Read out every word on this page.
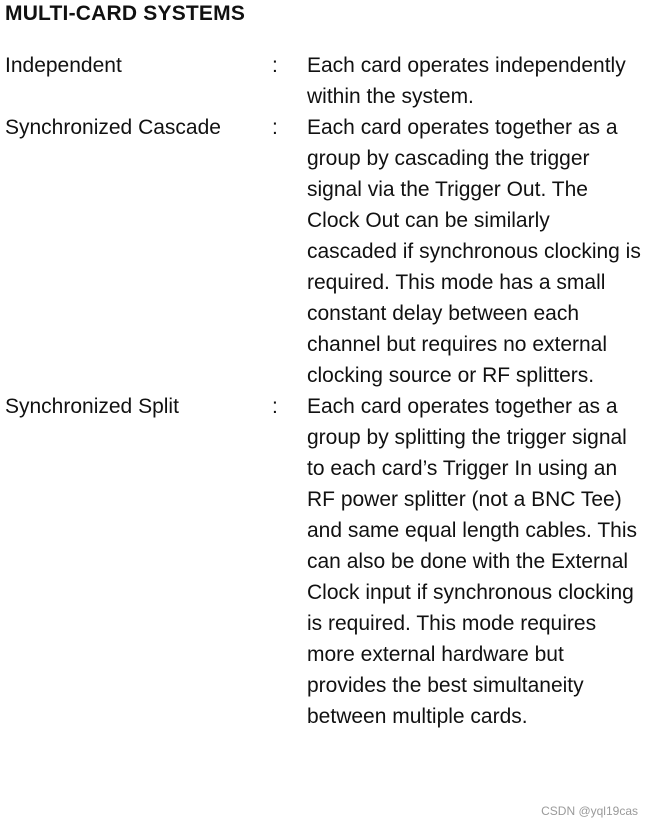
MULTI-CARD SYSTEMS
Independent	:	Each card operates independently within the system.
Synchronized Cascade	:	Each card operates together as a group by cascading the trigger signal via the Trigger Out. The Clock Out can be similarly cascaded if synchronous clocking is required. This mode has a small constant delay between each channel but requires no external clocking source or RF splitters.
Synchronized Split	:	Each card operates together as a group by splitting the trigger signal to each card’s Trigger In using an RF power splitter (not a BNC Tee) and same equal length cables. This can also be done with the External Clock input if synchronous clocking is required. This mode requires more external hardware but provides the best simultaneity between multiple cards.
CSDN @yql19cas
